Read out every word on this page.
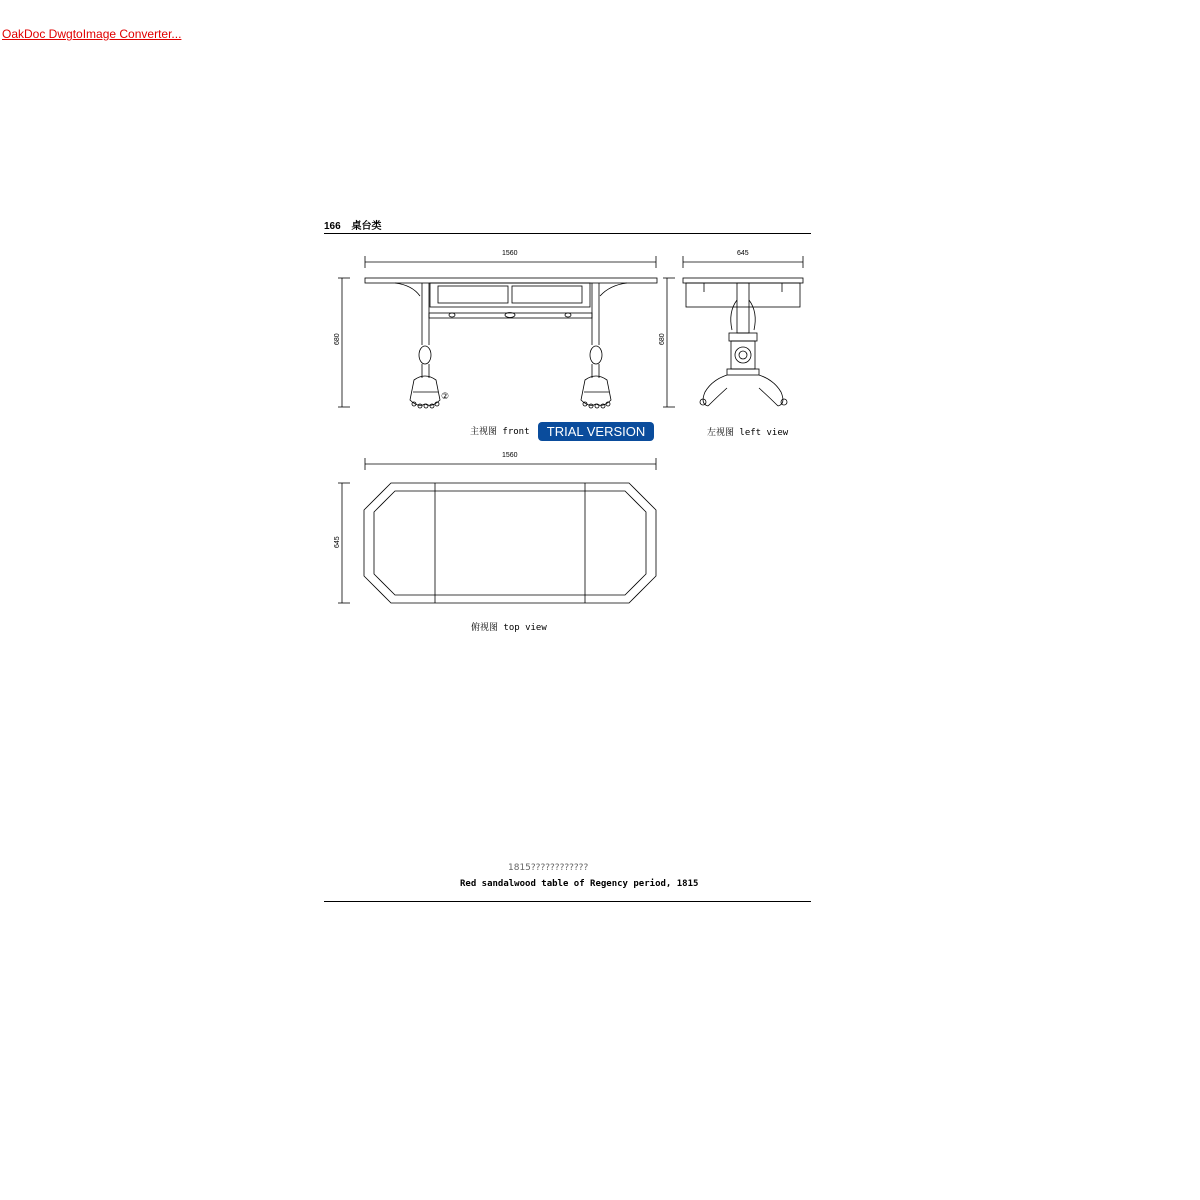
OakDoc DwgtoImage Converter...
166 桌台类
1560
680
②
645
680
1560
645
主视图 front	左视图 left view
俯视图 top view
TRIAL VERSION
1815????????????
Red sandalwood table of Regency period, 1815
